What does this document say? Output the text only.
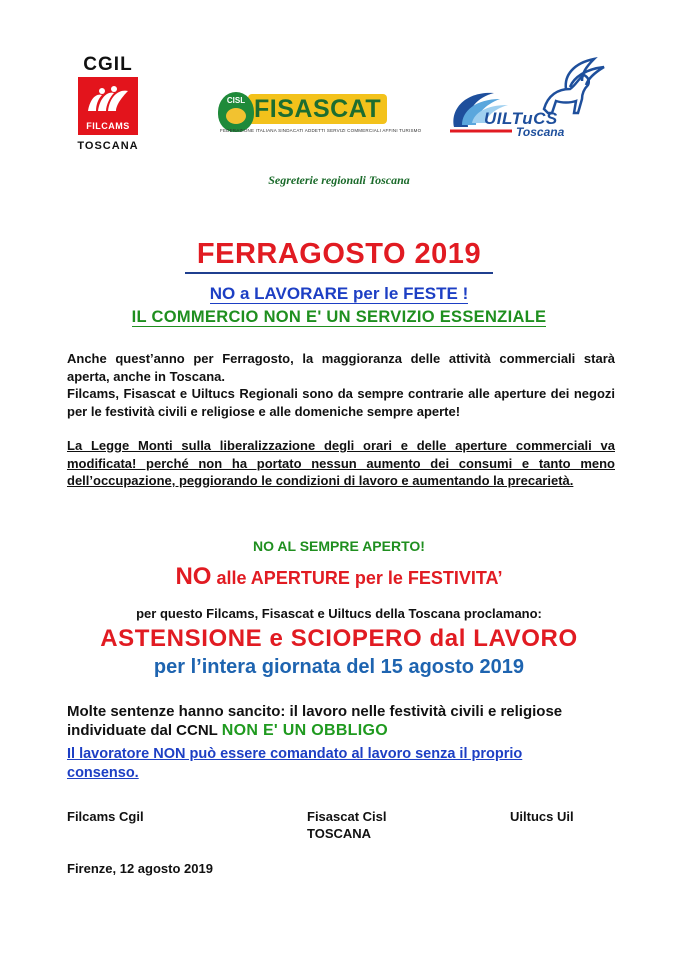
CGIL
FILCAMS
TOSCANA
FISASCAT
CISL
FEDERAZIONE ITALIANA SINDACATI ADDETTI SERVIZI COMMERCIALI AFFINI TURISMO
UILTuCS
Toscana
Segreterie regionali Toscana
FERRAGOSTO 2019
NO a LAVORARE per le FESTE !
IL COMMERCIO NON E' UN SERVIZIO ESSENZIALE
Anche quest’anno per Ferragosto, la maggioranza delle attività commerciali starà aperta, anche in Toscana.
Filcams, Fisascat e Uiltucs Regionali sono da sempre contrarie alle aperture dei negozi per le festività civili e religiose e alle domeniche sempre aperte!
La Legge Monti sulla liberalizzazione degli orari e delle aperture commerciali va modificata! perché non ha portato nessun aumento dei consumi e tanto meno dell’occupazione, peggiorando le condizioni di lavoro e aumentando la precarietà.
NO AL SEMPRE APERTO!
NO alle APERTURE per le FESTIVITA’
per questo Filcams, Fisascat e Uiltucs della Toscana proclamano:
ASTENSIONE e SCIOPERO dal LAVORO
per l’intera giornata del 15 agosto 2019
Molte sentenze hanno sancito: il lavoro nelle festività civili e religiose individuate dal CCNL NON E' UN OBBLIGO
Il lavoratore NON può essere comandato al lavoro senza il proprio consenso.
Filcams Cgil	Fisascat Cisl
TOSCANA
Uiltucs Uil
Firenze, 12 agosto 2019
